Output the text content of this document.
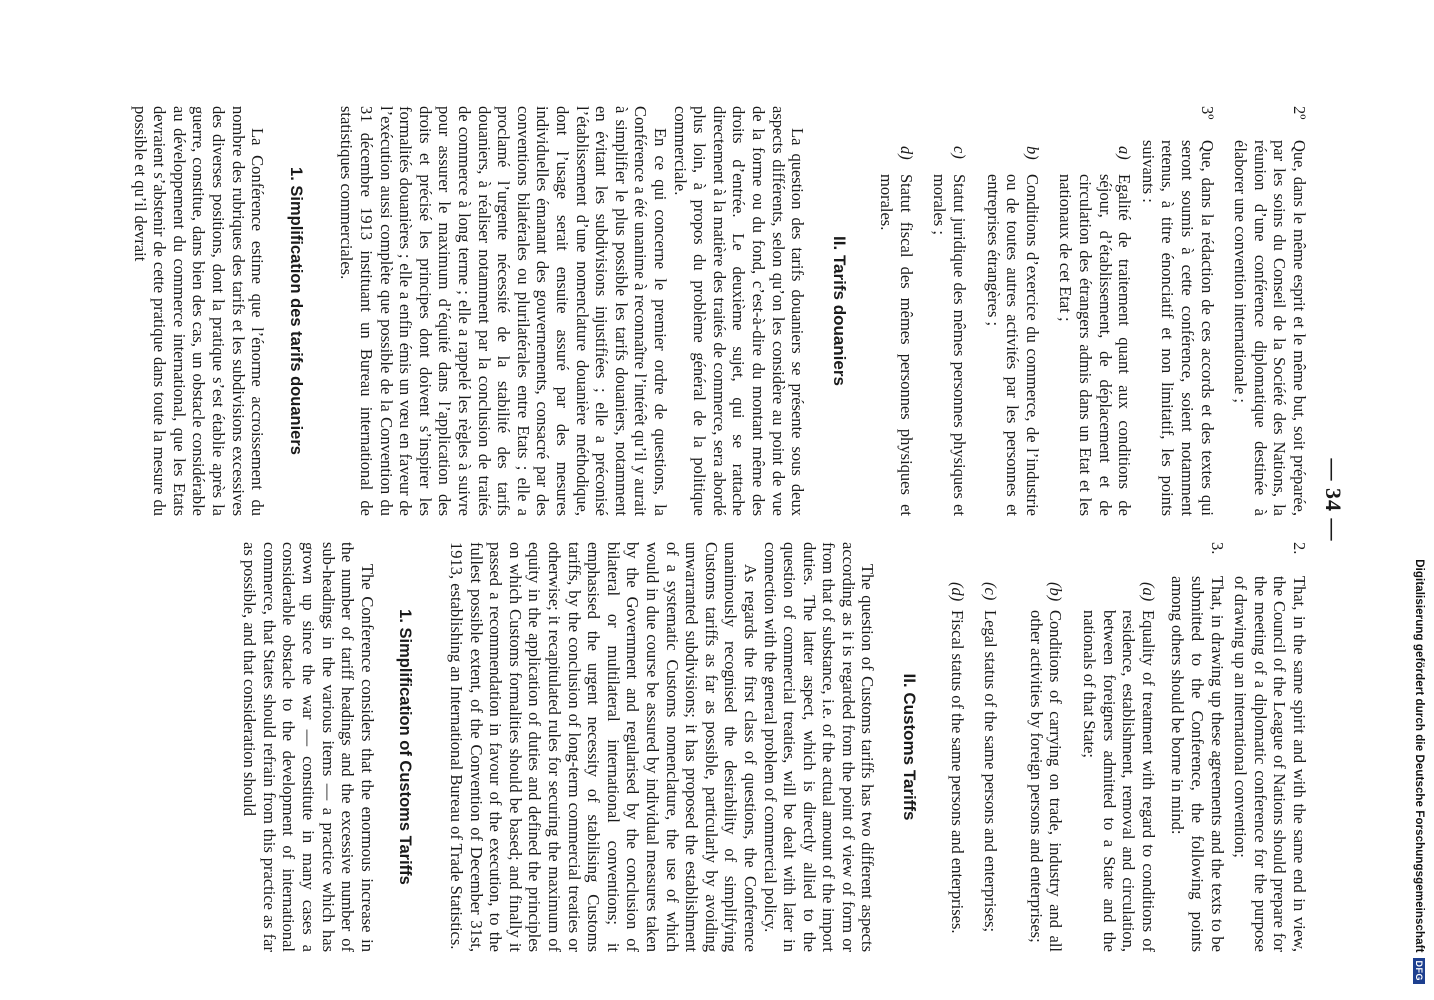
Digitalisierung gefördert durch die Deutsche Forschungsgemeinschaft
DFG
— 34 —
2º
Que, dans le même esprit et le même but, soit préparée, par les soins du Conseil de la Société des Nations, la réunion d’une conférence diplomatique destinée à élaborer une convention internationale ;
3º
Que, dans la rédaction de ces accords et des textes qui seront soumis à cette conférence, soient notamment retenus, à titre énonciatif et non limitatif, les points suivants :
a)
Egalité de traitement quant aux conditions de séjour, d’établissement, de déplacement et de circulation des étrangers admis dans un Etat et les nationaux de cet Etat ;
b)
Conditions d’exercice du commerce, de l’industrie ou de toutes autres activités par les personnes et entreprises étrangères ;
c)
Statut juridique des mêmes personnes physiques et morales ;
d)
Statut fiscal des mêmes personnes physiques et morales.

II. Tarifs douaniers

La question des tarifs douaniers se présente sous deux aspects différents, selon qu’on les considère au point de vue de la forme ou du fond, c’est-à-dire du montant même des droits d’entrée. Le deuxième sujet, qui se rattache directement à la matière des traités de commerce, sera abordé plus loin, à propos du problème général de la politique commerciale.

En ce qui concerne le premier ordre de questions, la Conférence a été unanime à reconnaître l’intérêt qu’il y aurait à simplifier le plus possible les tarifs douaniers, notamment en évitant les subdivisions injustifiées ; elle a préconisé l’établissement d’une nomenclature douanière méthodique, dont l’usage serait ensuite assuré par des mesures individuelles émanant des gouvernements, consacré par des conventions bilatérales ou plurilatérales entre Etats ; elle a proclamé l’urgente nécessité de la stabilité des tarifs douaniers, à réaliser notamment par la conclusion de traités de commerce à long terme ; elle a rappelé les règles à suivre pour assurer le maximum d’équité dans l’application des droits et précisé les principes dont doivent s’inspirer les formalités douanières ; elle a enfin émis un vœu en faveur de l’exécution aussi complète que possible de la Convention du 31 décembre 1913 instituant un Bureau international de statistiques commerciales.

1. Simplification des tarifs douaniers

La Conférence estime que l’énorme accroissement du nombre des rubriques des tarifs et les subdivisions excessives des diverses positions, dont la pratique s’est établie après la guerre, constitue, dans bien des cas, un obstacle considérable au développement du commerce international, que les Etats devraient s’abstenir de cette pratique dans toute la mesure du possible et qu’il devrait

2.
That, in the same spirit and with the same end in view, the Council of the League of Nations should prepare for the meeting of a diplomatic conference for the purpose of drawing up an international convention;
3.
That, in drawing up these agreements and the texts to be submitted to the Conference, the following points among others should be borne in mind:
(a)
Equality of treatment with regard to conditions of residence, establishment, removal and circulation, between foreigners admitted to a State and the nationals of that State;
(b)
Conditions of carrying on trade, industry and all other activities by foreign persons and enterprises;
(c)
Legal status of the same persons and enterprises;
(d)
Fiscal status of the same persons and enterprises.

II. Customs Tariffs

The question of Customs tariffs has two different aspects according as it is regarded from the point of view of form or from that of substance, i.e. of the actual amount of the import duties. The latter aspect, which is directly allied to the question of commercial treaties, will be dealt with later in connection with the general problem of commercial policy.

As regards the first class of questions, the Conference unanimously recognised the desirability of simplifying Customs tariffs as far as possible, particularly by avoiding unwarranted subdivisions; it has proposed the establishment of a systematic Customs nomenclature, the use of which would in due course be assured by individual measures taken by the Government and regularised by the conclusion of bilateral or multilateral international conventions; it emphasised the urgent necessity of stabilising Customs tariffs, by the conclusion of long-term commercial treaties or otherwise; it recapitulated rules for securing the maximum of equity in the application of duties and defined the principles on which Customs formalities should be based; and finally it passed a recommendation in favour of the execution, to the fullest possible extent, of the Convention of December 31st, 1913, establishing an International Bureau of Trade Statistics.

1. Simplification of Customs Tariffs

The Conference considers that the enormous increase in the number of tariff headings and the excessive number of sub-headings in the various items — a practice which has grown up since the war — constitute in many cases a considerable obstacle to the development of international commerce, that States should refrain from this practice as far as possible, and that consideration should
